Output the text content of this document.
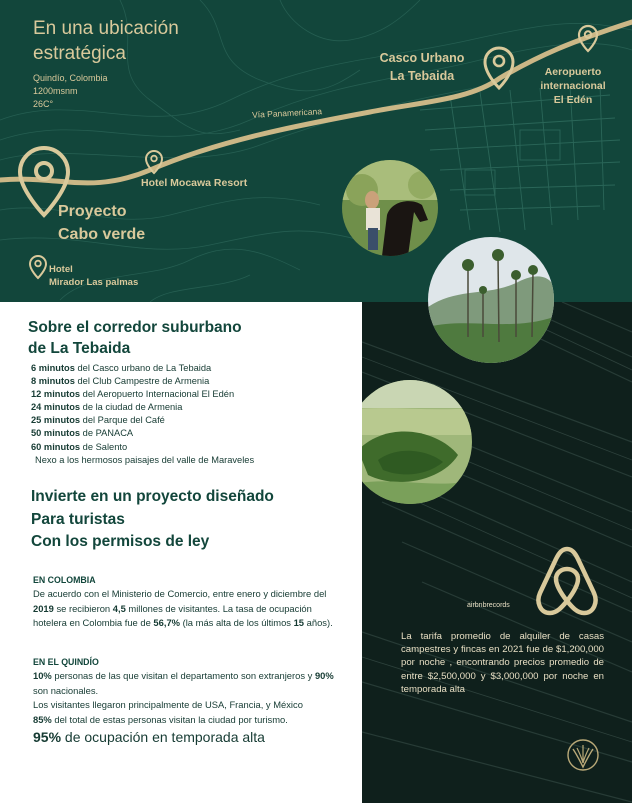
En una ubicación estratégica
Quindío, Colombia
1200msnm
26C°
Casco Urbano
La Tebaida	Aeropuerto
internacional
El Edén
Vía Panamericana
Hotel Mocawa Resort
Proyecto
Cabo verde
Hotel
Mirador Las palmas
Sobre el corredor suburbano
de La Tebaida
6 minutos del Casco urbano de La Tebaida
8 minutos del Club Campestre de Armenia
12 minutos del Aeropuerto Internacional El Edén
24 minutos de la ciudad de Armenia
25 minutos del Parque del Café
50 minutos de PANACA
60 minutos de Salento
Nexo a los hermosos paisajes del valle de Maraveles
Invierte en un proyecto diseñado
Para turistas
Con los permisos de ley
EN COLOMBIA
De acuerdo con el Ministerio de Comercio, entre enero y diciembre del 2019 se recibieron 4,5 millones de visitantes. La tasa de ocupación hotelera en Colombia fue de 56,7% (la más alta de los últimos 15 años).
EN EL QUINDÍO
10% personas de las que visitan el departamento son extranjeros y 90% son nacionales.
Los visitantes llegaron principalmente de USA, Francia, y México
85% del total de estas personas visitan la ciudad por turismo.
95% de ocupación en temporada alta
airbnbrecords
La tarifa promedio de alquiler de casas campestres y fincas en 2021 fue de $1,200,000 por noche , encontrando precios promedio de entre $2,500,000 y $3,000,000 por noche en temporada alta
